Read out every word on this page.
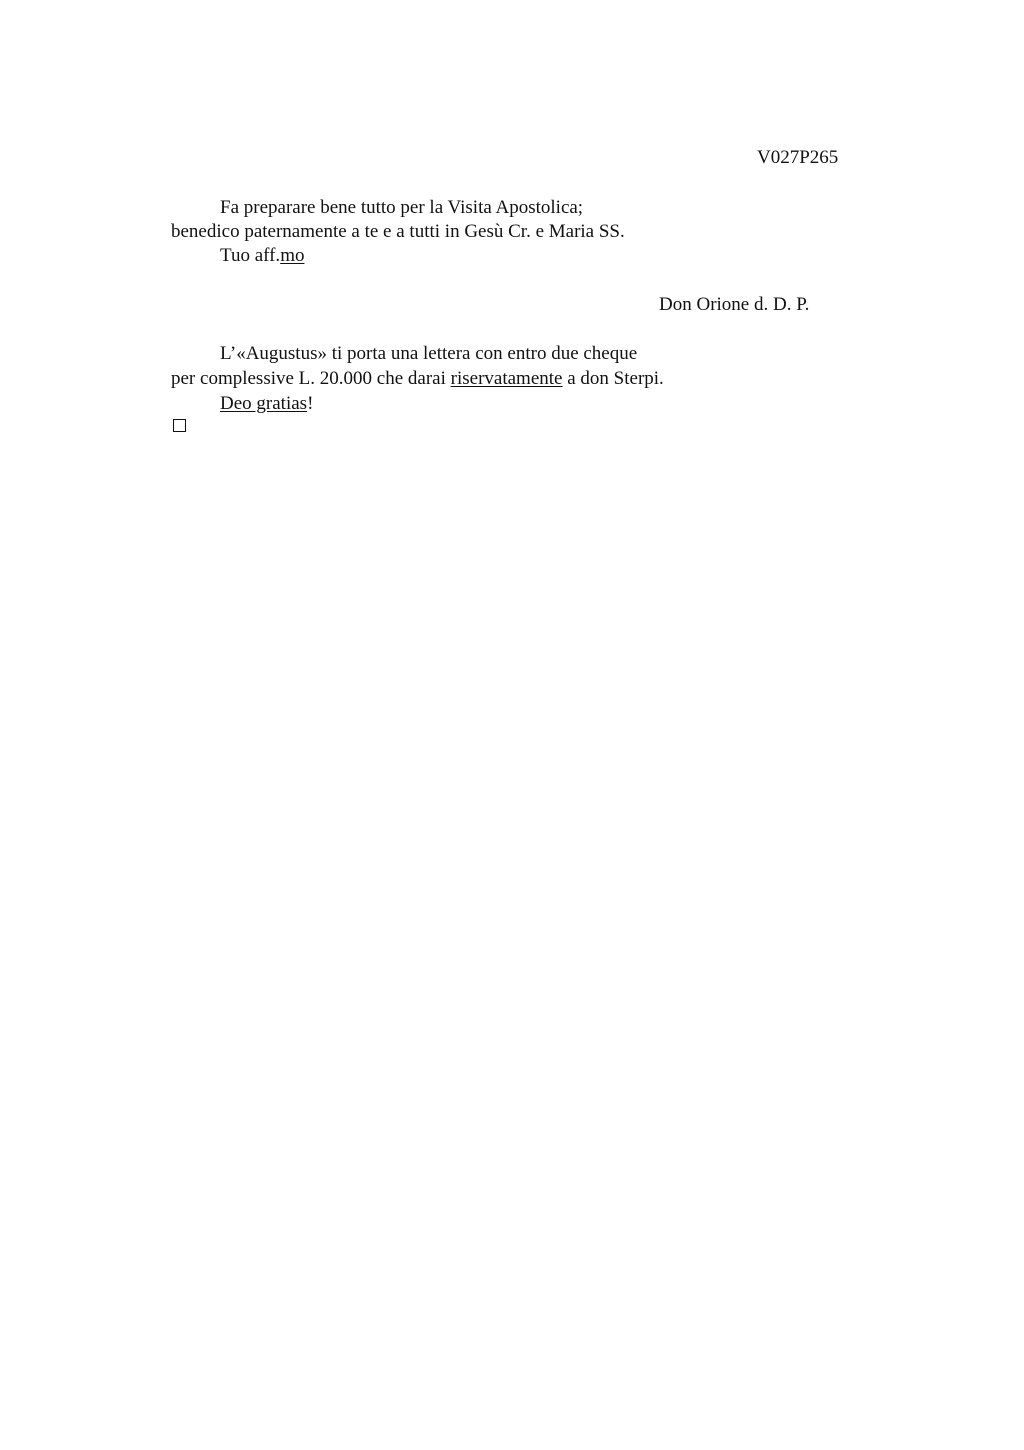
V027P265
Fa preparare bene tutto per la Visita Apostolica;
benedico paternamente a te e a tutti in Gesù Cr. e Maria SS.
Tuo aff.mo
Don Orione d. D. P.
L’«Augustus» ti porta una lettera con entro due cheque
per complessive L. 20.000 che darai riservatamente a don Sterpi.
Deo gratias!
